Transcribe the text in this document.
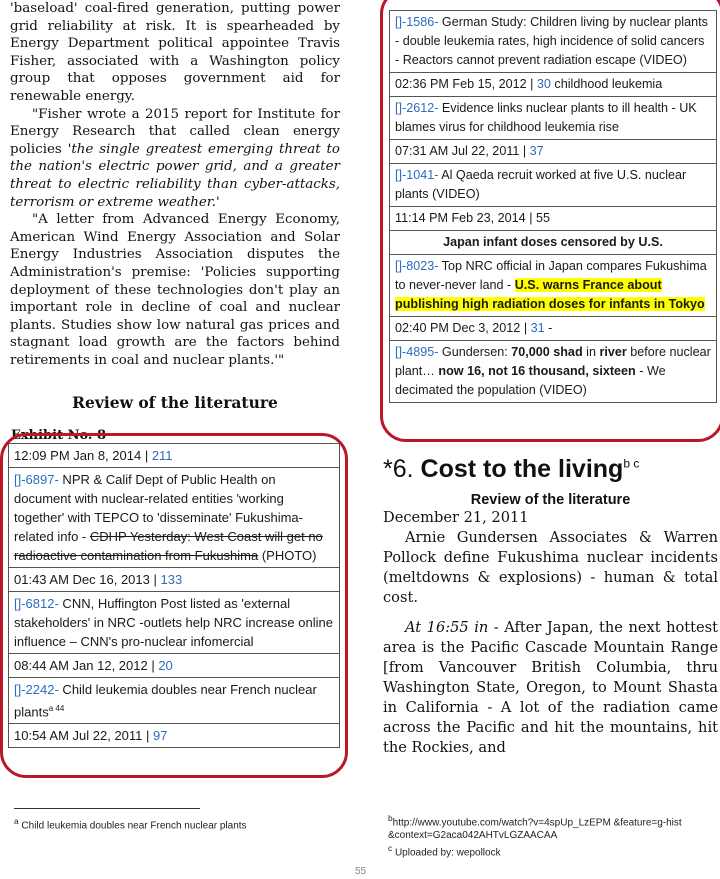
'baseload' coal-fired generation, putting power grid reliability at risk. It is spearheaded by Energy Department political appointee Travis Fisher, associated with a Washington policy group that opposes government aid for renewable energy.

"Fisher wrote a 2015 report for Institute for Energy Research that called clean energy policies 'the single greatest emerging threat to the nation's electric power grid, and a greater threat to electric reliability than cyber-attacks, terrorism or extreme weather.'

"A letter from Advanced Energy Economy, American Wind Energy Association and Solar Energy Industries Association disputes the Administration's premise: 'Policies supporting deployment of these technologies don't play an important role in decline of coal and nuclear plants. Studies show low natural gas prices and stagnant load growth are the factors behind retirements in coal and nuclear plants.'"

Review of the literature
Exhibit No. 8
12:09 PM Jan 8, 2014 | 211
[]-6897- NPR & Calif Dept of Public Health on document with nuclear-related entities 'working together' with TEPCO to 'disseminate' Fukushima-related info - CDHP Yesterday: West Coast will get no radioactive contamination from Fukushima (PHOTO)
01:43 AM Dec 16, 2013 | 133
[]-6812- CNN, Huffington Post listed as 'external stakeholders' in NRC -outlets help NRC increase online influence – CNN's pro-nuclear infomercial
08:44 AM Jan 12, 2012 | 20
[]-2242- Child leukemia doubles near French nuclear plants$^{a 44}$
10:54 AM Jul 22, 2011 | 97
$^a$ Child leukemia doubles near French nuclear plants
[]-1586- German Study: Children living by nuclear plants - double leukemia rates, high incidence of solid cancers - Reactors cannot prevent radiation escape (VIDEO)
02:36 PM Feb 15, 2012 | 30 childhood leukemia
[]-2612- Evidence links nuclear plants to ill health - UK blames virus for childhood leukemia rise
07:31 AM Jul 22, 2011 | 37
[]-1041- Al Qaeda recruit worked at five U.S. nuclear plants (VIDEO)
11:14 PM Feb 23, 2014 | 55
Japan infant doses censored by U.S.
[]-8023- Top NRC official in Japan compares Fukushima to never-never land - U.S. warns France about publishing high radiation doses for infants in Tokyo
02:40 PM Dec 3, 2012 | 31 -
[]-4895- Gundersen: 70,000 shad in river before nuclear plant… now 16, not 16 thousand, sixteen - We decimated the population (VIDEO)
*6. Cost to the living$^{b c}$
Review of the literature

December 21, 2011

Arnie Gundersen Associates & Warren Pollock define Fukushima nuclear incidents (meltdowns & explosions) - human & total cost.

At 16:55 in - After Japan, the next hottest area is the Pacific Cascade Mountain Range [from Vancouver British Columbia, thru Washington State, Oregon, to Mount Shasta in California - A lot of the radiation came across the Pacific and hit the mountains, hit the Rockies, and

$^b$http://www.youtube.com/watch?v=4spUp_LzEPM &feature=g-hist&context=G2aca042AHTvLGZAACAA
$^c$ Uploaded by: wepollock
55
